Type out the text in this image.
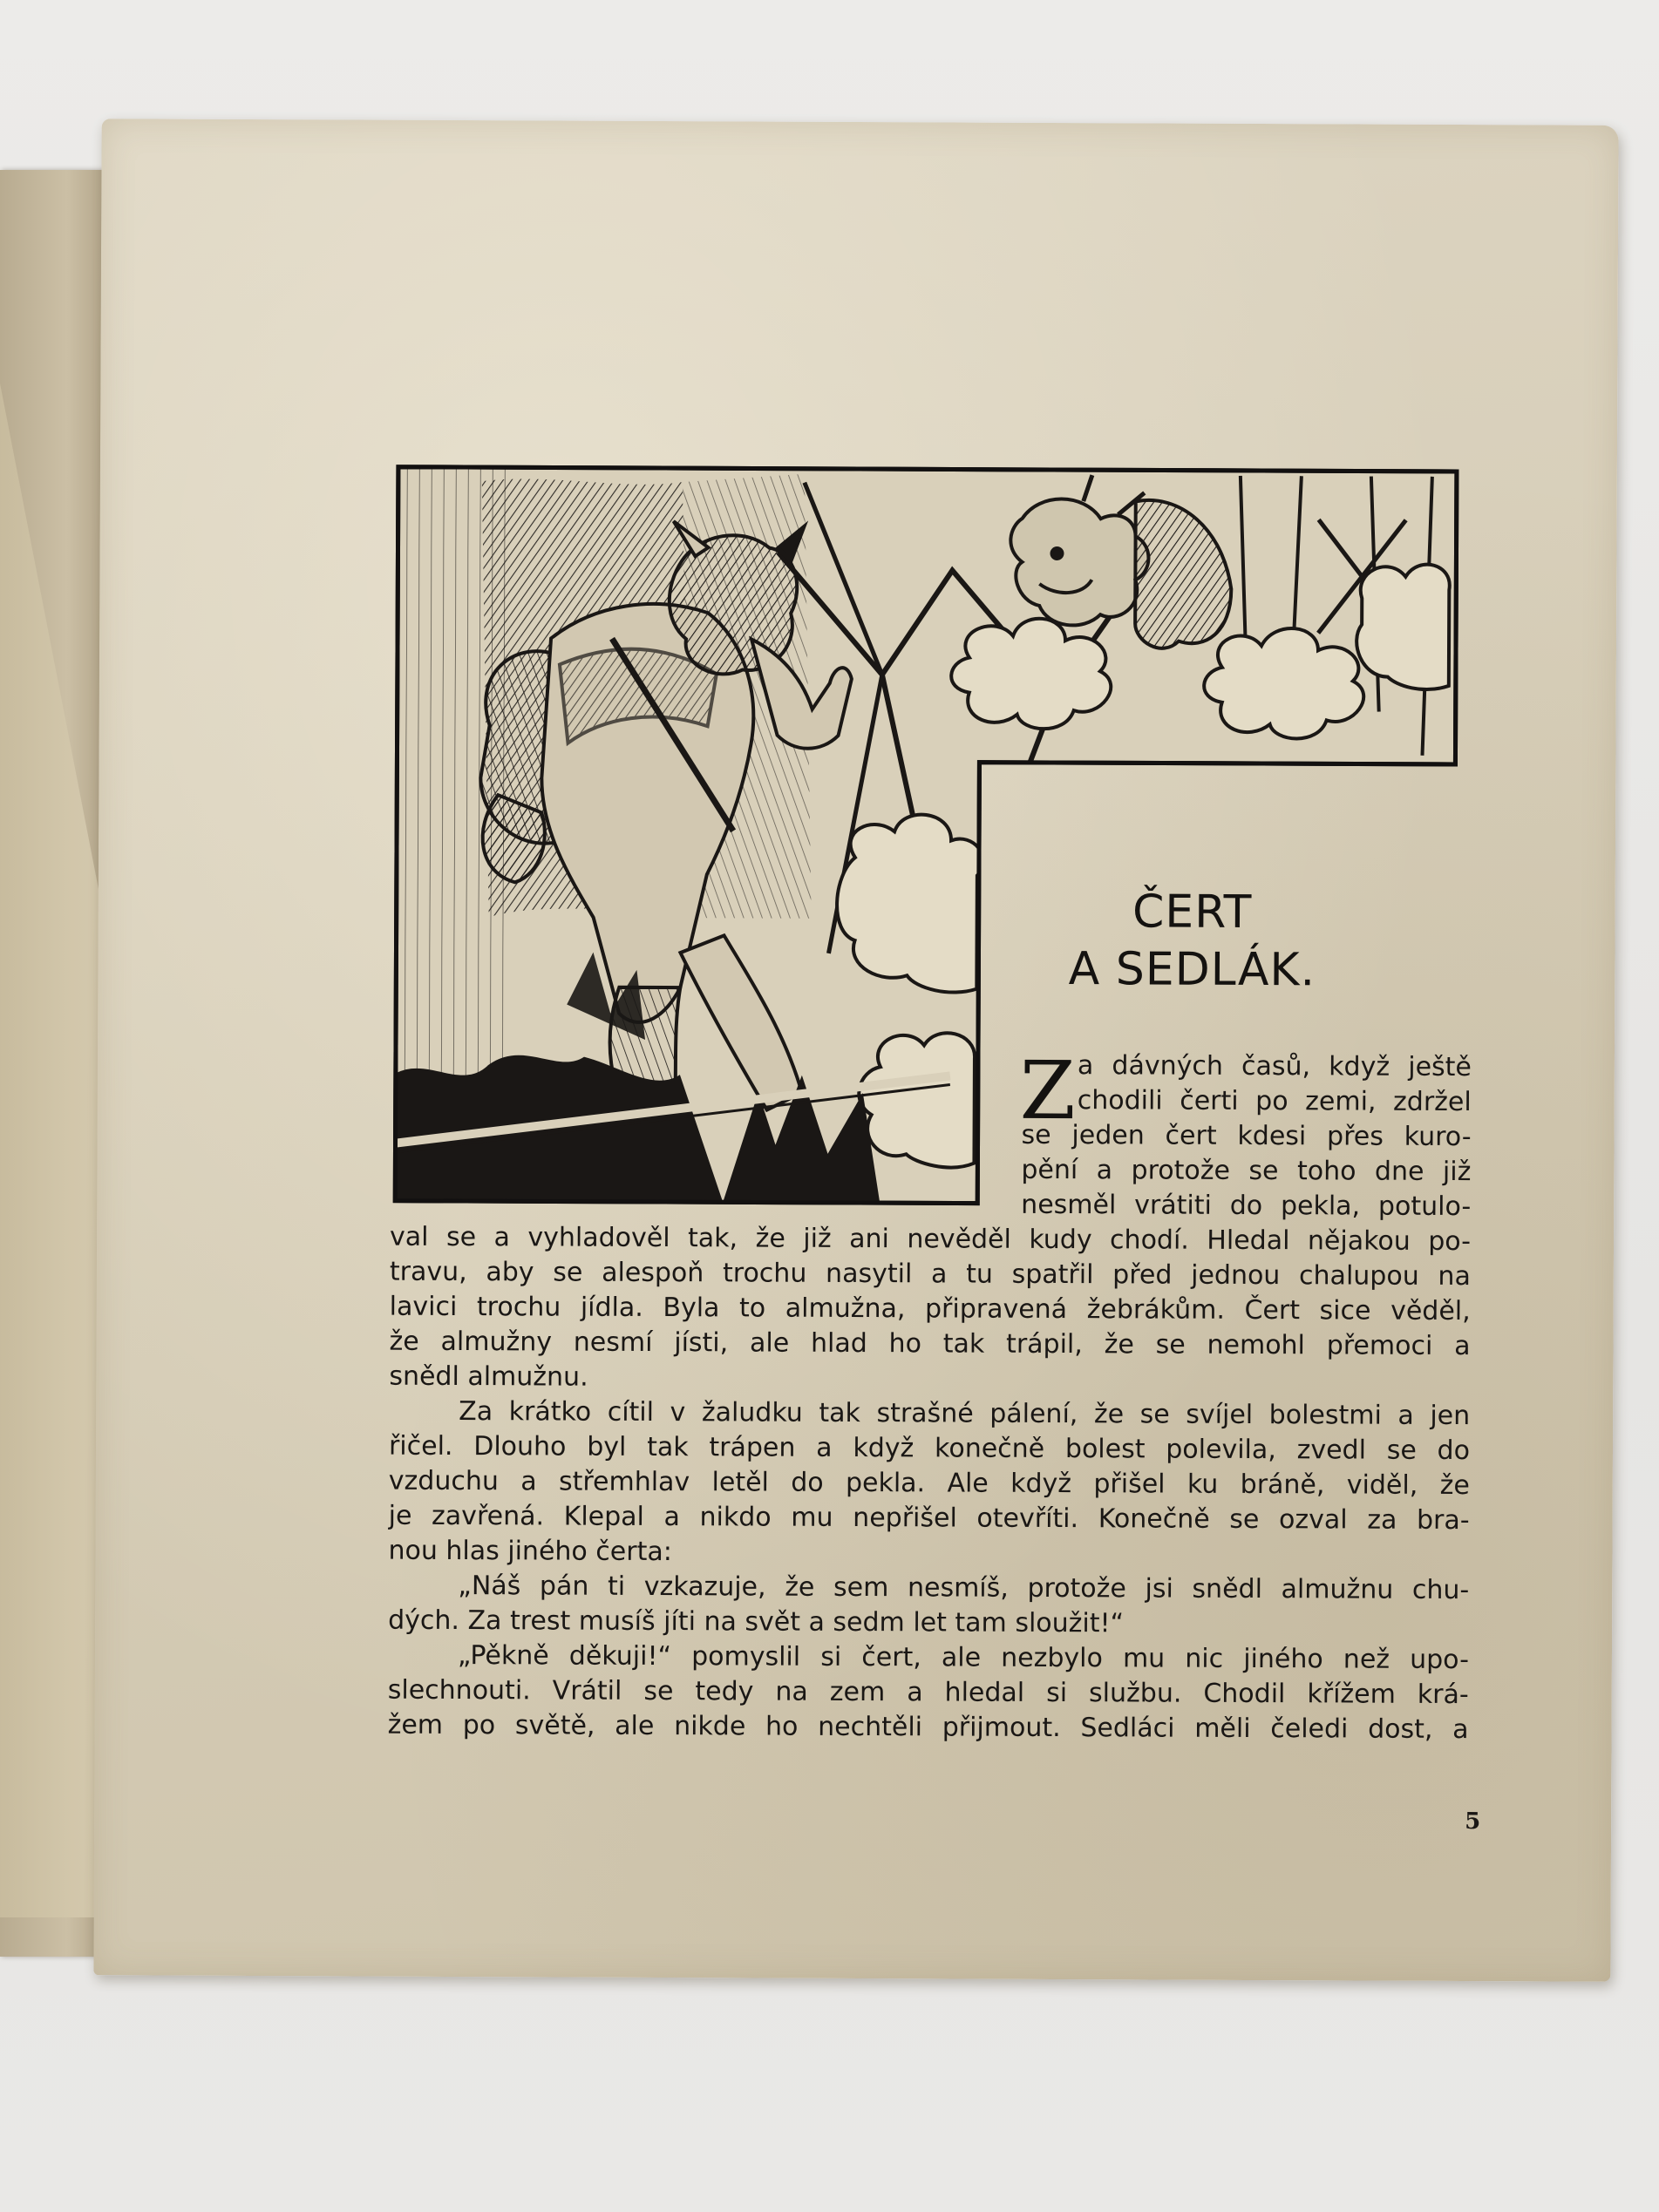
ČERT
A SEDLÁK.
Z a dávných časů, když ještě
chodili čerti po zemi, zdržel
se jeden čert kdesi přes kuro-
pění a protože se toho dne již
nesměl vrátiti do pekla, potulo-
val se a vyhladověl tak, že již ani nevěděl kudy chodí. Hledal nějakou po-
travu, aby se alespoň trochu nasytil a tu spatřil před jednou chalupou na
lavici trochu jídla. Byla to almužna, připravená žebrákům. Čert sice věděl,
že almužny nesmí jísti, ale hlad ho tak trápil, že se nemohl přemoci a
snědl almužnu.
Za krátko cítil v žaludku tak strašné pálení, že se svíjel bolestmi a jen
řičel. Dlouho byl tak trápen a když konečně bolest polevila, zvedl se do
vzduchu a střemhlav letěl do pekla. Ale když přišel ku bráně, viděl, že
je zavřená. Klepal a nikdo mu nepřišel otevříti. Konečně se ozval za bra-
nou hlas jiného čerta:
„Náš pán ti vzkazuje, že sem nesmíš, protože jsi snědl almužnu chu-
dých. Za trest musíš jíti na svět a sedm let tam sloužit!“
„Pěkně děkuji!“ pomyslil si čert, ale nezbylo mu nic jiného než upo-
slechnouti. Vrátil se tedy na zem a hledal si službu. Chodil křížem krá-
žem po světě, ale nikde ho nechtěli přijmout. Sedláci měli čeledi dost, a
5
